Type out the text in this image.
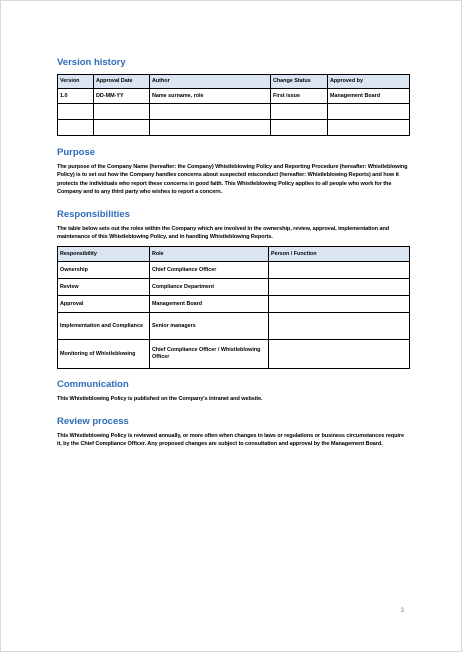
Version history
Version	Approval Date	Author	Change Status	Approved by
1.0	DD-MM-YY	Name surname, role	First issue	Management Board

Purpose

The purpose of the Company Name (hereafter: the Company) Whistleblowing Policy and Reporting Procedure (hereafter: Whistleblowing Policy) is to set out how the Company handles concerns about suspected misconduct (hereafter: Whistleblowing Reports) and how it protects the individuals who report these concerns in good faith. This Whistleblowing Policy applies to all people who work for the Company and to any third party who wishes to report a concern.

Responsibilities

The table below sets out the roles within the Company which are involved in the ownership, review, approval, implementation and maintenance of this Whistleblowing Policy, and in handling Whistleblowing Reports.

Responsibility	Role	Person / Function
Ownership	Chief Compliance Officer	
Review	Compliance Department	
Approval	Management Board	
Implementation and Compliance	Senior managers	
Monitoring of Whistleblowing	Chief Compliance Officer / Whistleblowing Officer	
Communication

This Whistleblowing Policy is published on the Company's intranet and website.

Review process

This Whistleblowing Policy is reviewed annually, or more often when changes in laws or regulations or business circumstances require it, by the Chief Compliance Officer. Any proposed changes are subject to consultation and approval by the Management Board.

3
